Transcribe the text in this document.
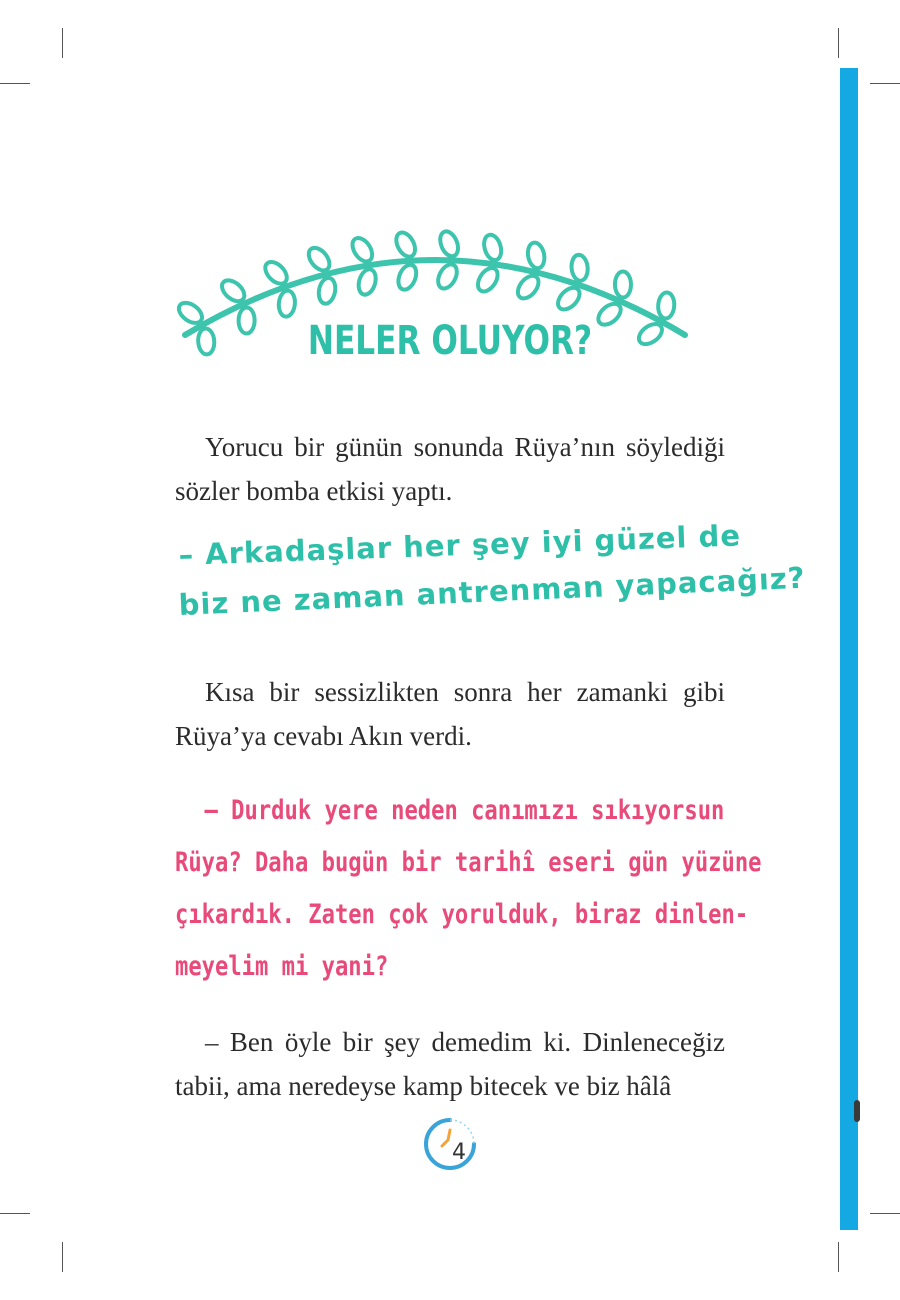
NELER OLUYOR?

Yorucu bir günün sonunda Rüya’nın söylediği sözler bomba etkisi yaptı.

– Arkadaşlar her şey iyi güzel de
biz ne zaman antrenman yapacağız?

Kısa bir sessizlikten sonra her zamanki gibi Rüya’ya cevabı Akın verdi.

— Durduk yere neden canımızı sıkıyorsun
Rüya? Daha bugün bir tarihî eseri gün yüzüne
çıkardık. Zaten çok yorulduk, biraz dinlen-
meyelim mi yani?

– Ben öyle bir şey demedim ki. Dinleneceğiz tabii, ama neredeyse kamp bitecek ve biz hâlâ

4
